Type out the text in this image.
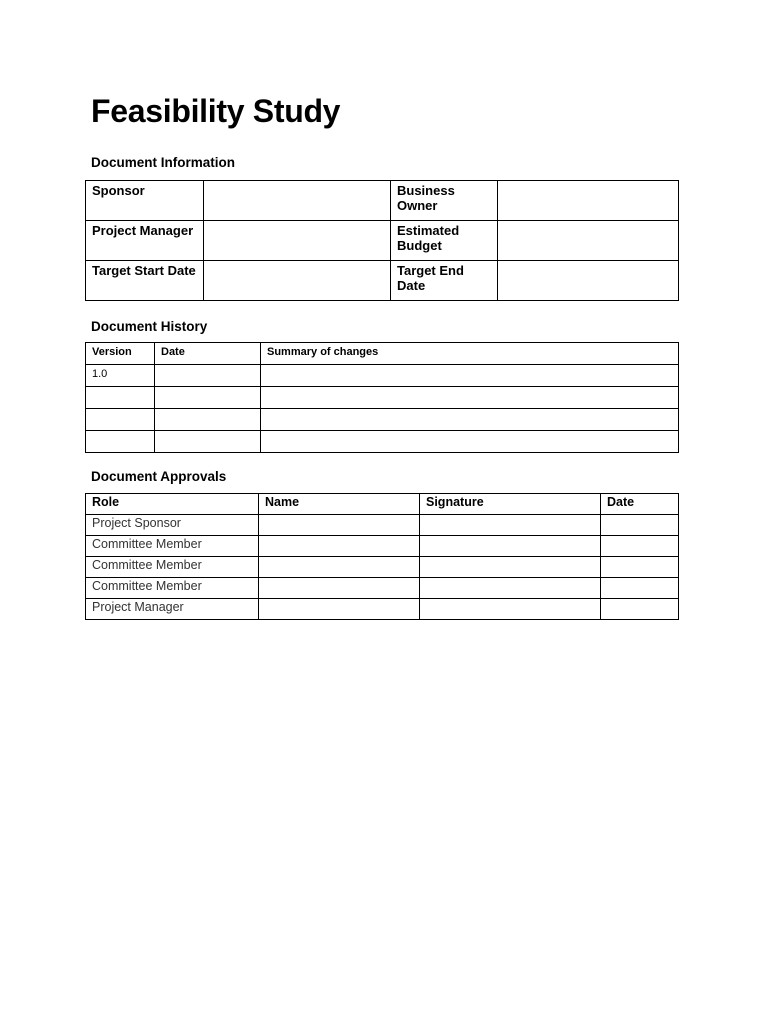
Feasibility Study
Document Information
Sponsor		Business Owner	
Project Manager		Estimated Budget	
Target Start Date		Target End Date	
Document History
Version	Date	Summary of changes
1.0		

Document Approvals
Role	Name	Signature	Date
Project Sponsor			
Committee Member			
Committee Member			
Committee Member			
Project Manager			
